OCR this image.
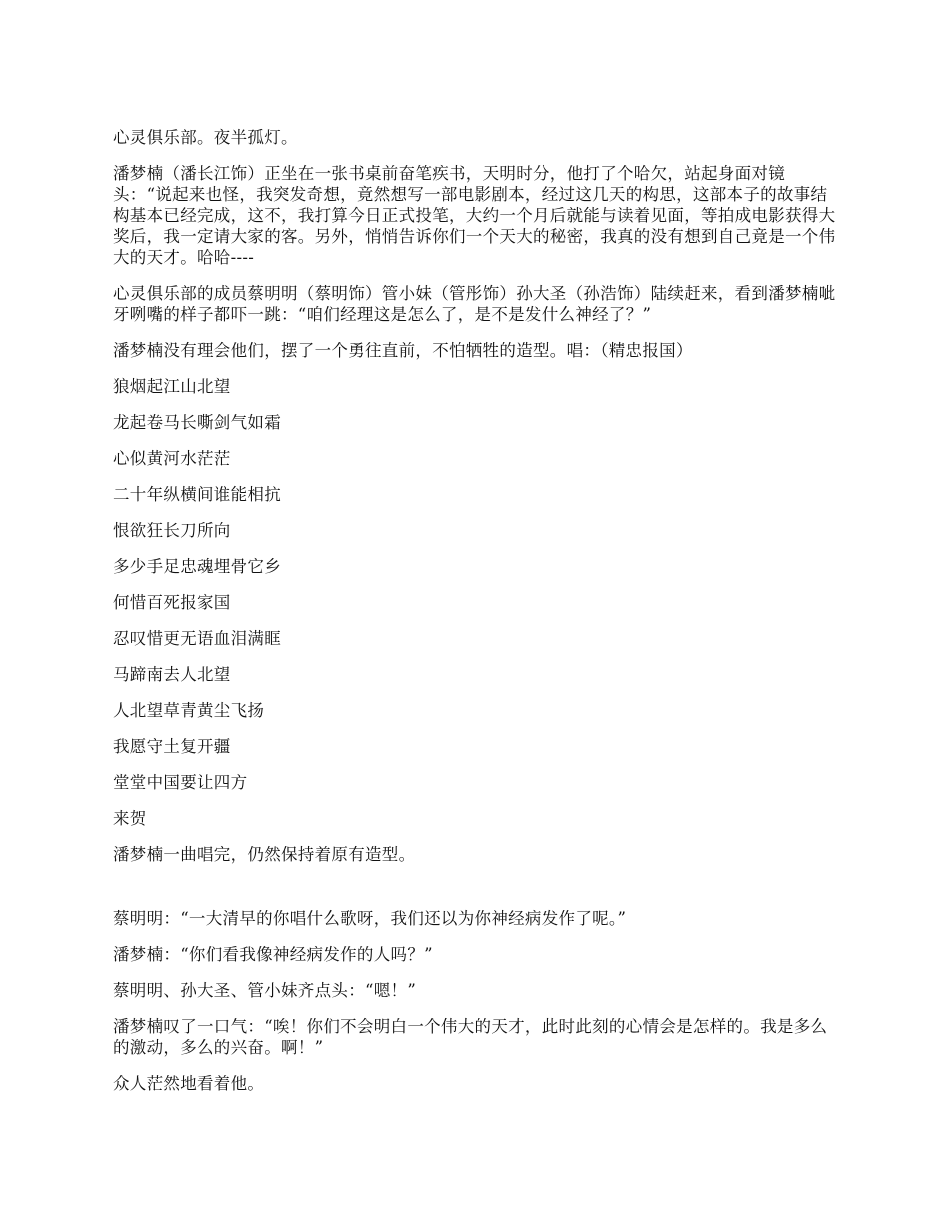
心灵俱乐部。夜半孤灯。

潘梦楠（潘长江饰）正坐在一张书桌前奋笔疾书，天明时分，他打了个哈欠，站起身面对镜头：“说起来也怪，我突发奇想，竟然想写一部电影剧本，经过这几天的构思，这部本子的故事结构基本已经完成，这不，我打算今日正式投笔，大约一个月后就能与读着见面，等拍成电影获得大奖后，我一定请大家的客。另外，悄悄告诉你们一个天大的秘密，我真的没有想到自己竟是一个伟大的天才。哈哈----

心灵俱乐部的成员蔡明明（蔡明饰）管小妹（管彤饰）孙大圣（孙浩饰）陆续赶来，看到潘梦楠呲牙咧嘴的样子都吓一跳：“咱们经理这是怎么了，是不是发什么神经了？”

潘梦楠没有理会他们，摆了一个勇往直前，不怕牺牲的造型。唱：（精忠报国）

狼烟起江山北望

龙起卷马长嘶剑气如霜

心似黄河水茫茫

二十年纵横间谁能相抗

恨欲狂长刀所向

多少手足忠魂埋骨它乡

何惜百死报家国

忍叹惜更无语血泪满眶

马蹄南去人北望

人北望草青黄尘飞扬

我愿守土复开疆

堂堂中国要让四方

来贺

潘梦楠一曲唱完，仍然保持着原有造型。

蔡明明：“一大清早的你唱什么歌呀，我们还以为你神经病发作了呢。”

潘梦楠：“你们看我像神经病发作的人吗？”

蔡明明、孙大圣、管小妹齐点头：“嗯！”

潘梦楠叹了一口气：“唉！你们不会明白一个伟大的天才，此时此刻的心情会是怎样的。我是多么的激动，多么的兴奋。啊！”

众人茫然地看着他。
